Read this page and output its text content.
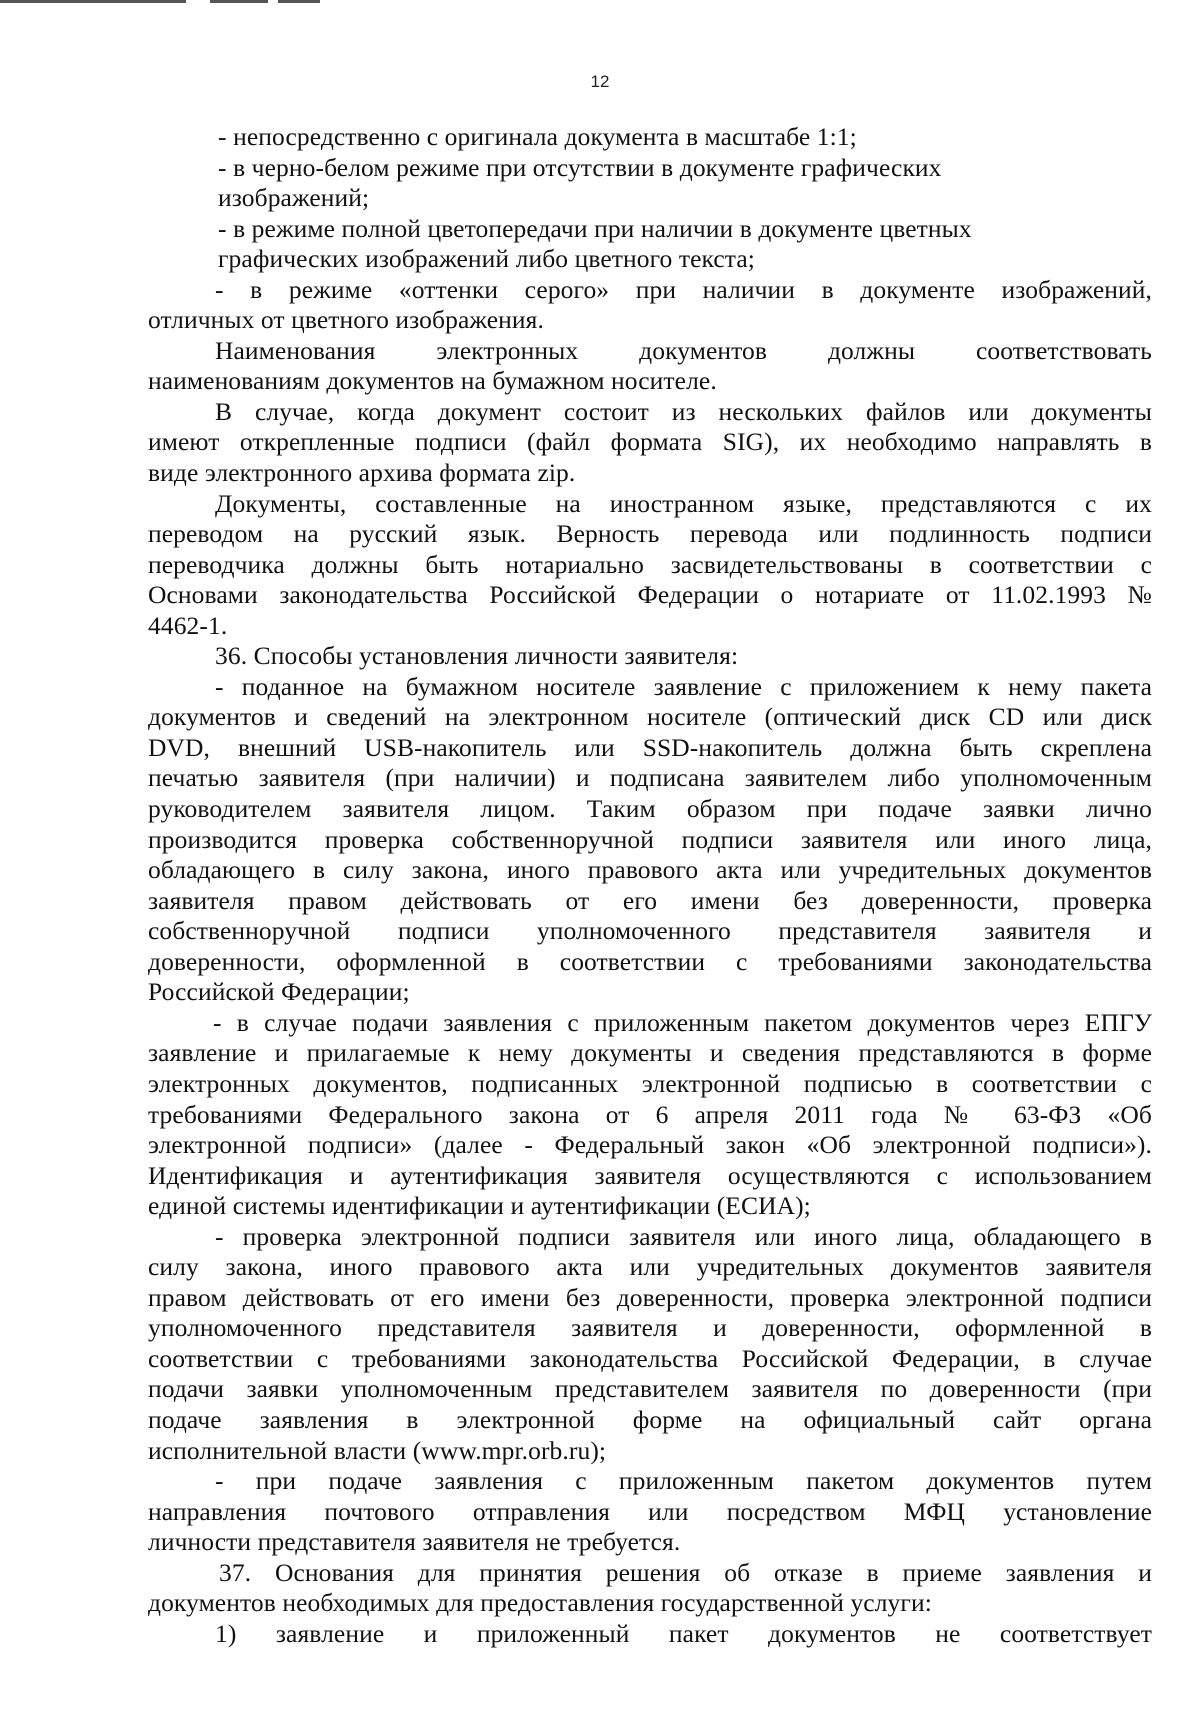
12
- непосредственно с оригинала документа в масштабе 1:1;
- в черно-белом режиме при отсутствии в документе графических
изображений;
- в режиме полной цветопередачи при наличии в документе цветных
графических изображений либо цветного текста;
- в режиме «оттенки серого» при наличии в документе изображений,
отличных от цветного изображения.
Наименования электронных документов должны соответствовать
наименованиям документов на бумажном носителе.
В случае, когда документ состоит из нескольких файлов или документы
имеют открепленные подписи (файл формата SIG), их необходимо направлять в
виде электронного архива формата zip.
Документы, составленные на иностранном языке, представляются с их
переводом на русский язык. Верность перевода или подлинность подписи
переводчика должны быть нотариально засвидетельствованы в соответствии с
Основами законодательства Российской Федерации о нотариате от 11.02.1993 №
4462-1.
36. Способы установления личности заявителя:
- поданное на бумажном носителе заявление с приложением к нему пакета
документов и сведений на электронном носителе (оптический диск CD или диск
DVD, внешний USB-накопитель или SSD-накопитель должна быть скреплена
печатью заявителя (при наличии) и подписана заявителем либо уполномоченным
руководителем заявителя лицом. Таким образом при подаче заявки лично
производится проверка собственноручной подписи заявителя или иного лица,
обладающего в силу закона, иного правового акта или учредительных документов
заявителя правом действовать от его имени без доверенности, проверка
собственноручной подписи уполномоченного представителя заявителя и
доверенности, оформленной в соответствии с требованиями законодательства
Российской Федерации;
- в случае подачи заявления с приложенным пакетом документов через ЕПГУ
заявление и прилагаемые к нему документы и сведения представляются в форме
электронных документов, подписанных электронной подписью в соответствии с
требованиями Федерального закона от 6 апреля 2011 года № 63-ФЗ «Об
электронной подписи» (далее - Федеральный закон «Об электронной подписи»).
Идентификация и аутентификация заявителя осуществляются с использованием
единой системы идентификации и аутентификации (ЕСИА);
- проверка электронной подписи заявителя или иного лица, обладающего в
силу закона, иного правового акта или учредительных документов заявителя
правом действовать от его имени без доверенности, проверка электронной подписи
уполномоченного представителя заявителя и доверенности, оформленной в
соответствии с требованиями законодательства Российской Федерации, в случае
подачи заявки уполномоченным представителем заявителя по доверенности (при
подаче заявления в электронной форме на официальный сайт органа
исполнительной власти (www.mpr.orb.ru);
- при подаче заявления с приложенным пакетом документов путем
направления почтового отправления или посредством МФЦ установление
личности представителя заявителя не требуется.
37. Основания для принятия решения об отказе в приеме заявления и
документов необходимых для предоставления государственной услуги:
1) заявление и приложенный пакет документов не соответствует
